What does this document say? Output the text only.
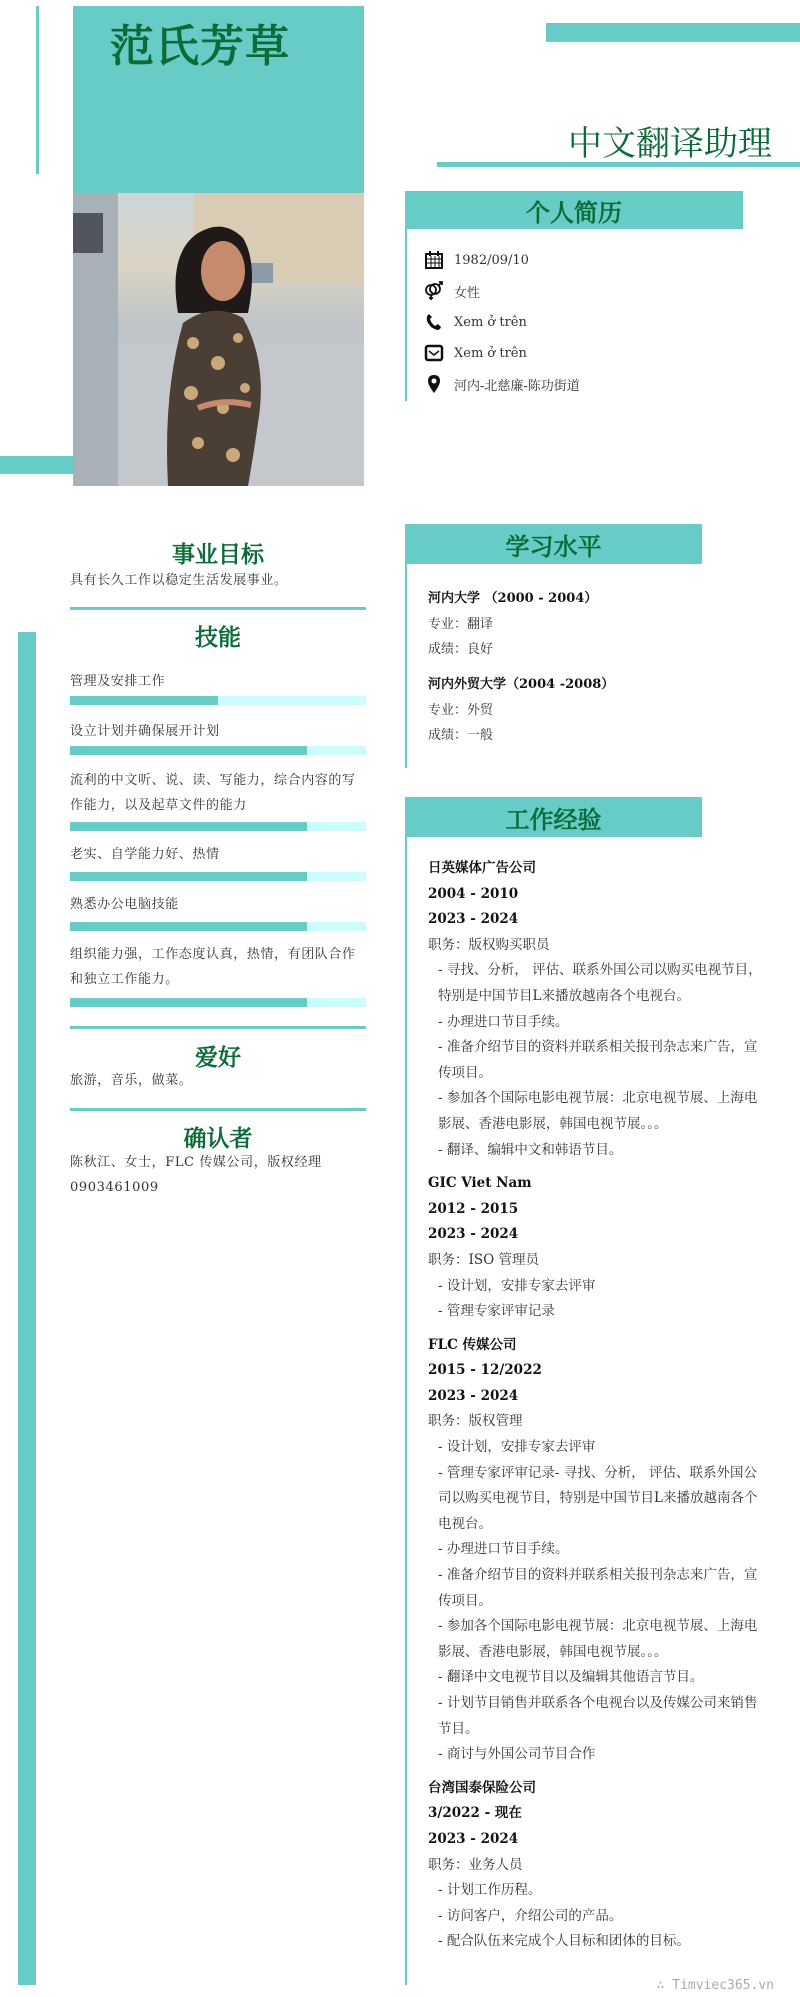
范氏芳草
中文翻译助理
个人简历
1982/09/10
女性
Xem ở trên
Xem ở trên
河内-北慈廉-陈功街道
学习水平
河内大学 （2000 - 2004）
专业：翻译
成绩：良好
河内外贸大学（2004 -2008）
专业：外贸
成绩：一般
工作经验
日英媒体广告公司
2004 - 2010
2023 - 2024
职务：版权购买职员
- 寻找、分析， 评估、联系外国公司以购买电视节目，特别是中国节目L来播放越南各个电视台。
- 办理进口节目手续。
- 准备介绍节目的资料并联系相关报刊杂志来广告，宣传项目。
- 参加各个国际电影电视节展：北京电视节展、上海电影展、香港电影展，韩国电视节展。。。
- 翻译、编辑中文和韩语节目。
GIC Viet Nam
2012 - 2015
2023 - 2024
职务：ISO 管理员
- 设计划，安排专家去评审
- 管理专家评审记录
FLC 传媒公司
2015 - 12/2022
2023 - 2024
职务：版权管理
- 设计划，安排专家去评审
- 管理专家评审记录- 寻找、分析， 评估、联系外国公司以购买电视节目，特别是中国节目L来播放越南各个电视台。
- 办理进口节目手续。
- 准备介绍节目的资料并联系相关报刊杂志来广告，宣传项目。
- 参加各个国际电影电视节展：北京电视节展、上海电影展、香港电影展，韩国电视节展。。。
- 翻译中文电视节目以及编辑其他语言节目。
- 计划节目销售并联系各个电视台以及传媒公司来销售节目。
- 商讨与外国公司节目合作
台湾国泰保险公司
3/2022 - 现在
2023 - 2024
职务：业务人员
- 计划工作历程。
- 访问客户，介绍公司的产品。
- 配合队伍来完成个人目标和团体的目标。
事业目标
具有长久工作以稳定生活发展事业。
技能
管理及安排工作
设立计划并确保展开计划
流利的中文听、说、读、写能力，综合内容的写作能力，以及起草文件的能力
老实、自学能力好、热情
熟悉办公电脑技能
组织能力强，工作态度认真，热情，有团队合作和独立工作能力。
爱好
旅游，音乐，做菜。
确认者
陈秋江、女士，FLC 传媒公司，版权经理
0903461009
∴ Timviec365.vn
